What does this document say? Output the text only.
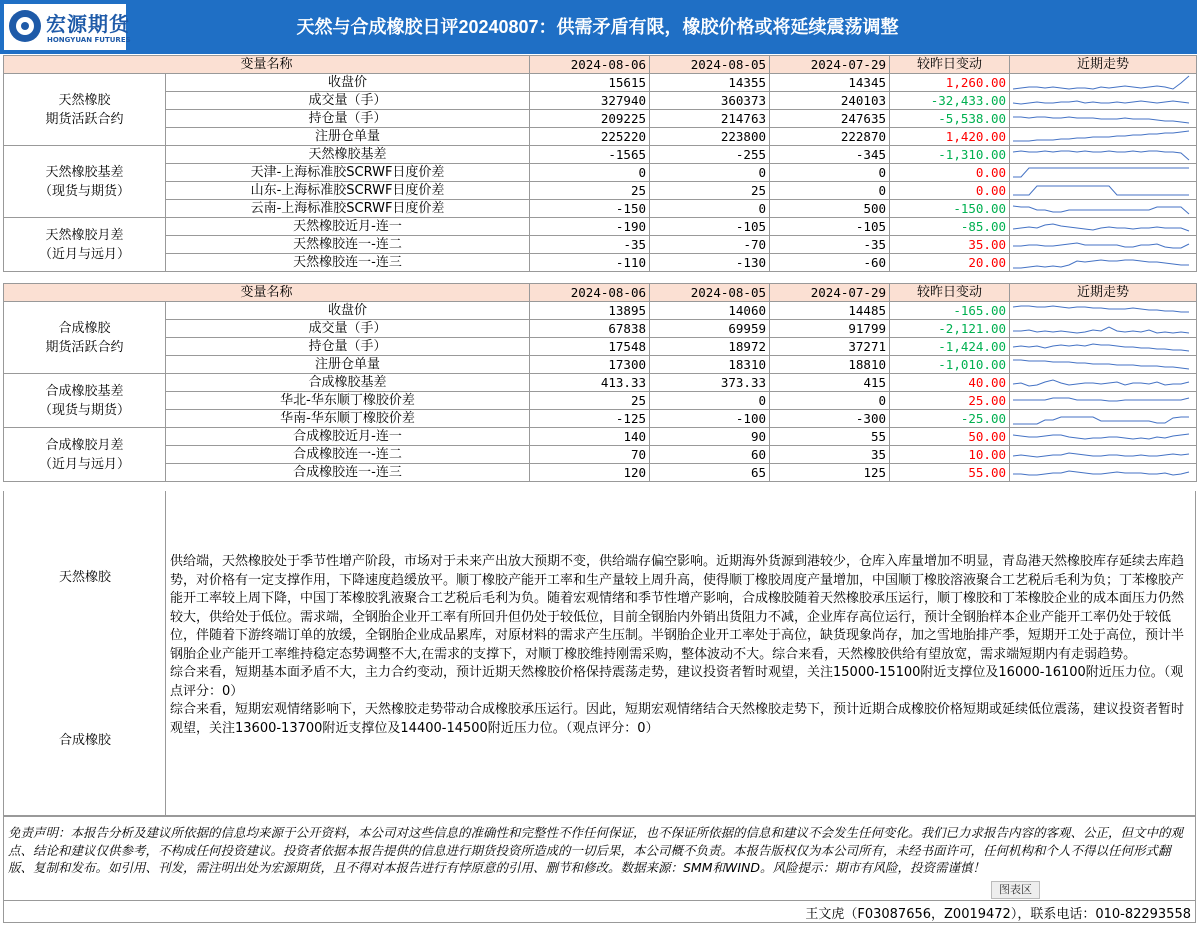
宏源期货
HONGYUAN FUTURES
天然与合成橡胶日评20240807：供需矛盾有限，橡胶价格或将延续震荡调整
变量名称		2024-08-06	2024-08-05	2024-07-29	较昨日变动	近期走势
天然橡胶
期货活跃合约	收盘价	15615	14355	14345	1,260.00	

	成交量（手）	327940	360373	240103	-32,433.00	

	持仓量（手）	209225	214763	247635	-5,538.00	

	注册仓单量	225220	223800	222870	1,420.00	

天然橡胶基差
（现货与期货）	天然橡胶基差	-1565	-255	-345	-1,310.00	

	天津-上海标准胶SCRWF日度价差	0	0	0	0.00	

	山东-上海标准胶SCRWF日度价差	25	25	0	0.00	

	云南-上海标准胶SCRWF日度价差	-150	0	500	-150.00	

天然橡胶月差
（近月与远月）	天然橡胶近月-连一	-190	-105	-105	-85.00	

	天然橡胶连一-连二	-35	-70	-35	35.00	

	天然橡胶连一-连三	-110	-130	-60	20.00	
变量名称		2024-08-06	2024-08-05	2024-07-29	较昨日变动	近期走势
合成橡胶
期货活跃合约	收盘价	13895	14060	14485	-165.00	

	成交量（手）	67838	69959	91799	-2,121.00	

	持仓量（手）	17548	18972	37271	-1,424.00	

	注册仓单量	17300	18310	18810	-1,010.00	

合成橡胶基差
（现货与期货）	合成橡胶基差	413.33	373.33	415	40.00	

	华北-华东顺丁橡胶价差	25	0	0	25.00	

	华南-华东顺丁橡胶价差	-125	-100	-300	-25.00	

合成橡胶月差
（近月与远月）	合成橡胶近月-连一	140	90	55	50.00	

	合成橡胶连一-连二	70	60	35	10.00	

	合成橡胶连一-连三	120	65	125	55.00	
天然橡胶
合成橡胶
供给端，天然橡胶处于季节性增产阶段，市场对于未来产出放大预期不变，供给端存偏空影响。近期海外货源到港较少，仓库入库量增加不明显，青岛港天然橡胶库存延续去库趋势，对价格有一定支撑作用，下降速度趋缓放平。顺丁橡胶产能开工率和生产量较上周升高，使得顺丁橡胶周度产量增加，中国顺丁橡胶溶液聚合工艺税后毛利为负；丁苯橡胶产能开工率较上周下降，中国丁苯橡胶乳液聚合工艺税后毛利为负。随着宏观情绪和季节性增产影响，合成橡胶随着天然橡胶承压运行，顺丁橡胶和丁苯橡胶企业的成本面压力仍然较大，供给处于低位。需求端，全钢胎企业开工率有所回升但仍处于较低位，目前全钢胎内外销出货阻力不减，企业库存高位运行，预计全钢胎样本企业产能开工率仍处于较低位，伴随着下游终端订单的放缓，全钢胎企业成品累库，对原材料的需求产生压制。半钢胎企业开工率处于高位，缺货现象尚存，加之雪地胎排产季，短期开工处于高位，预计半钢胎企业产能开工率维持稳定态势调整不大,在需求的支撑下，对顺丁橡胶维持刚需采购，整体波动不大。综合来看，天然橡胶供给有望放宽，需求端短期内有走弱趋势。
综合来看，短期基本面矛盾不大，主力合约变动，预计近期天然橡胶价格保持震荡走势，建议投资者暂时观望，关注15000-15100附近支撑位及16000-16100附近压力位。（观点评分：0）
综合来看，短期宏观情绪影响下，天然橡胶走势带动合成橡胶承压运行。因此，短期宏观情绪结合天然橡胶走势下，预计近期合成橡胶价格短期或延续低位震荡，建议投资者暂时观望，关注13600-13700附近支撑位及14400-14500附近压力位。（观点评分：0）
免责声明：本报告分析及建议所依据的信息均来源于公开资料，本公司对这些信息的准确性和完整性不作任何保证，也不保证所依据的信息和建议不会发生任何变化。我们已力求报告内容的客观、公正，但文中的观点、结论和建议仅供参考，不构成任何投资建议。投资者依据本报告提供的信息进行期货投资所造成的一切后果，本公司概不负责。本报告版权仅为本公司所有，未经书面许可，任何机构和个人不得以任何形式翻版、复制和发布。如引用、刊发，需注明出处为宏源期货，且不得对本报告进行有悖原意的引用、删节和修改。数据来源：SMM和WIND。风险提示：期市有风险，投资需谨慎！
图表区
王文虎（F03087656，Z0019472），联系电话：010-82293558
